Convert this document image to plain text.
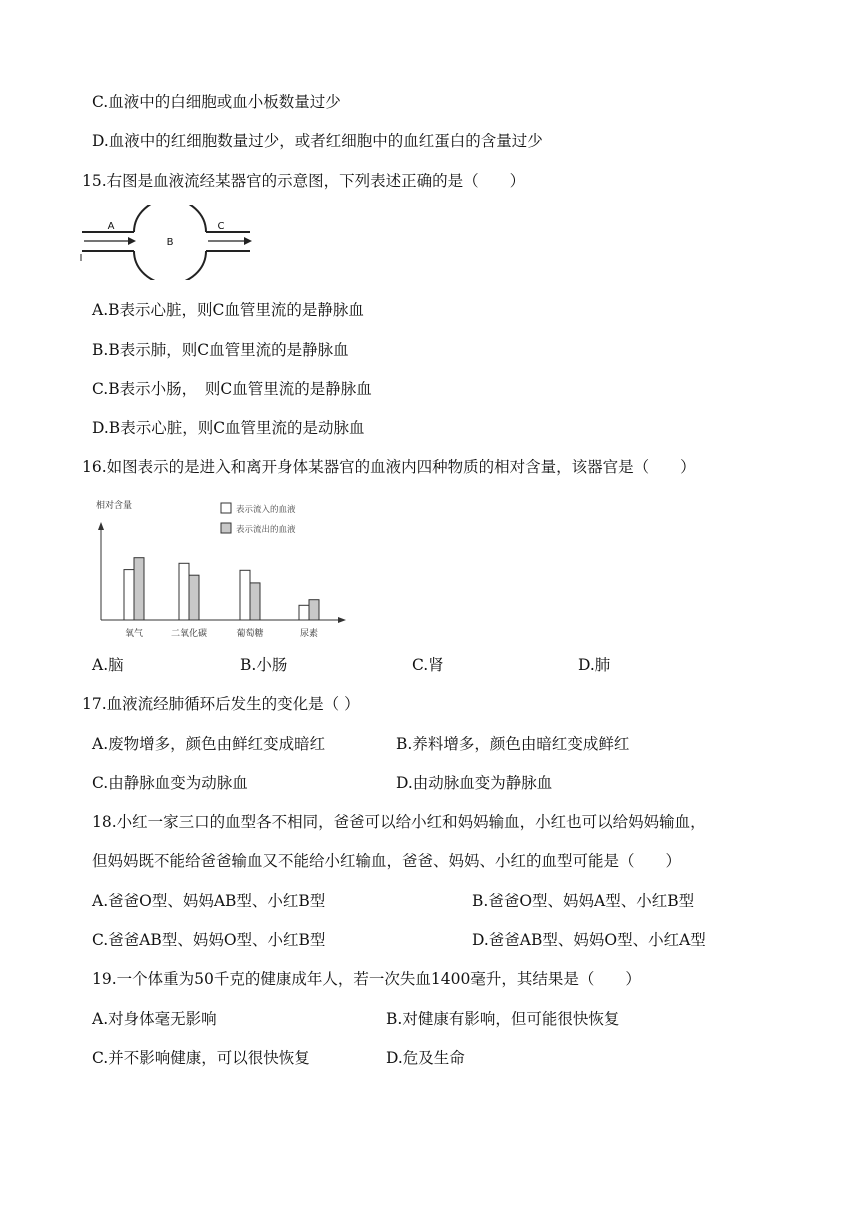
C.血液中的白细胞或血小板数量过少
D.血液中的红细胞数量过少，或者红细胞中的血红蛋白的含量过少
15.右图是血液流经某器官的示意图，下列表述正确的是（　　）
A
B
C
A.B表示心脏，则C血管里流的是静脉血
B.B表示肺，则C血管里流的是静脉血
C.B表示小肠，　则C血管里流的是静脉血
D.B表示心脏，则C血管里流的是动脉血
16.如图表示的是进入和离开身体某器官的血液内四种物质的相对含量，该器官是（　　）
相对含量	表示流入的血液
表示流出的血液
氧气	二氧化碳	葡萄糖	尿素
A.脑	B.小肠	C.肾	D.肺
17.血液流经肺循环后发生的变化是（ ）
A.废物增多，颜色由鲜红变成暗红	B.养料增多，颜色由暗红变成鲜红
C.由静脉血变为动脉血	D.由动脉血变为静脉血
18.小红一家三口的血型各不相同，爸爸可以给小红和妈妈输血，小红也可以给妈妈输血，
但妈妈既不能给爸爸输血又不能给小红输血，爸爸、妈妈、小红的血型可能是（　　）
A.爸爸O型、妈妈AB型、小红B型	B.爸爸O型、妈妈A型、小红B型
C.爸爸AB型、妈妈O型、小红B型	D.爸爸AB型、妈妈O型、小红A型
19.一个体重为50千克的健康成年人，若一次失血1400毫升，其结果是（　　）
A.对身体毫无影响	B.对健康有影响，但可能很快恢复
C.并不影响健康，可以很快恢复	D.危及生命
